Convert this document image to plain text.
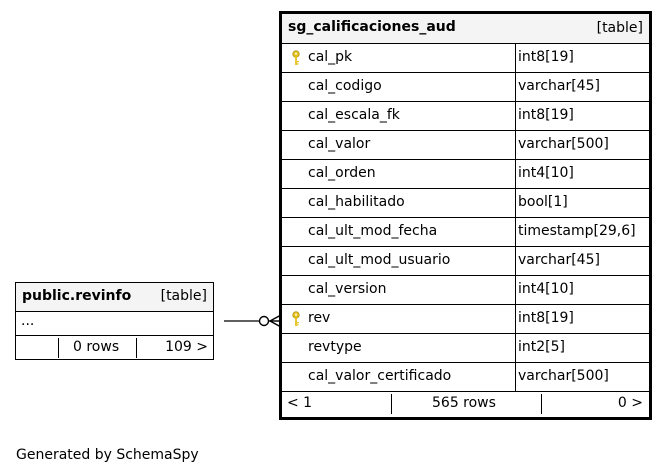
sg_calificaciones_aud	[table]
cal_pk	int8[19]
cal_codigo	varchar[45]
cal_escala_fk	int8[19]
cal_valor	varchar[500]
cal_orden	int4[10]
cal_habilitado	bool[1]
cal_ult_mod_fecha	timestamp[29,6]
cal_ult_mod_usuario	varchar[45]
cal_version	int4[10]
rev	int8[19]
revtype	int2[5]
cal_valor_certificado	varchar[500]
< 1	565 rows	0 >
public.revinfo [table]
...
0 rows	109 >
Generated by SchemaSpy
